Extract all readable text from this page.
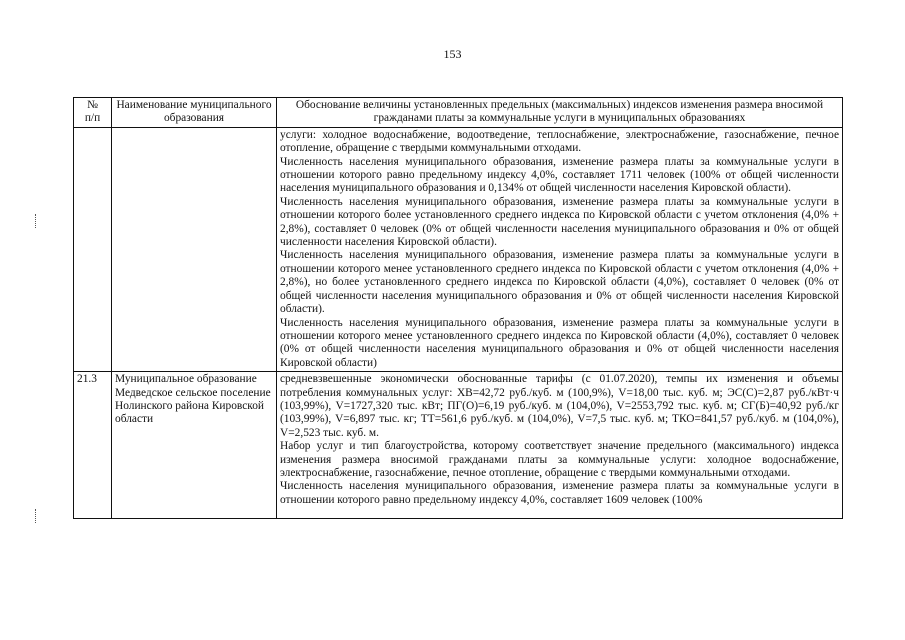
153
№
п/п	Наименование муниципального образования	Обоснование величины установленных предельных (максимальных) индексов изменения размера вносимой гражданами платы за коммунальные услуги в муниципальных образованиях

		услуги: холодное водоснабжение, водоотведение, теплоснабжение, электроснабжение, газоснабжение, печное отопление, обращение с твердыми коммунальными отходами.

Численность населения муниципального образования, изменение размера платы за коммунальные услуги в отношении которого равно предельному индексу 4,0%, составляет 1711 человек (100% от общей численности населения муниципального образования и 0,134% от общей численности населения Кировской области).

Численность населения муниципального образования, изменение размера платы за коммунальные услуги в отношении которого более установленного среднего индекса по Кировской области с учетом отклонения (4,0% + 2,8%), составляет 0 человек (0% от общей численности населения муниципального образования и 0% от общей численности населения Кировской области).

Численность населения муниципального образования, изменение размера платы за коммунальные услуги в отношении которого менее установленного среднего индекса по Кировской области с учетом отклонения (4,0% + 2,8%), но более установленного среднего индекса по Кировской области (4,0%), составляет 0 человек (0% от общей численности населения муниципального образования и 0% от общей численности населения Кировской области).

Численность населения муниципального образования, изменение размера платы за коммунальные услуги в отношении которого менее установленного среднего индекса по Кировской области (4,0%), составляет 0 человек (0% от общей численности населения муниципального образования и 0% от общей численности населения Кировской области)

21.3	Муниципальное образование Медведское сельское поселение Нолинского района Кировской области	средневзвешенные экономически обоснованные тарифы (с 01.07.2020), темпы их изменения и объемы потребления коммунальных услуг: ХВ=42,72 руб./куб. м (100,9%), V=18,00 тыс. куб. м; ЭС(С)=2,87 руб./кВт·ч (103,99%), V=1727,320 тыс. кВт; ПГ(О)=6,19 руб./куб. м (104,0%), V=2553,792 тыс. куб. м; СГ(Б)=40,92 руб./кг (103,99%), V=6,897 тыс. кг; ТТ=561,6 руб./куб. м (104,0%), V=7,5 тыс. куб. м; ТКО=841,57 руб./куб. м (104,0%), V=2,523 тыс. куб. м.

Набор услуг и тип благоустройства, которому соответствует значение предельного (максимального) индекса изменения размера вносимой гражданами платы за коммунальные услуги: холодное водоснабжение, электроснабжение, газоснабжение, печное отопление, обращение с твердыми коммунальными отходами.

Численность населения муниципального образования, изменение размера платы за коммунальные услуги в отношении которого равно предельному индексу 4,0%, составляет 1609 человек (100%
